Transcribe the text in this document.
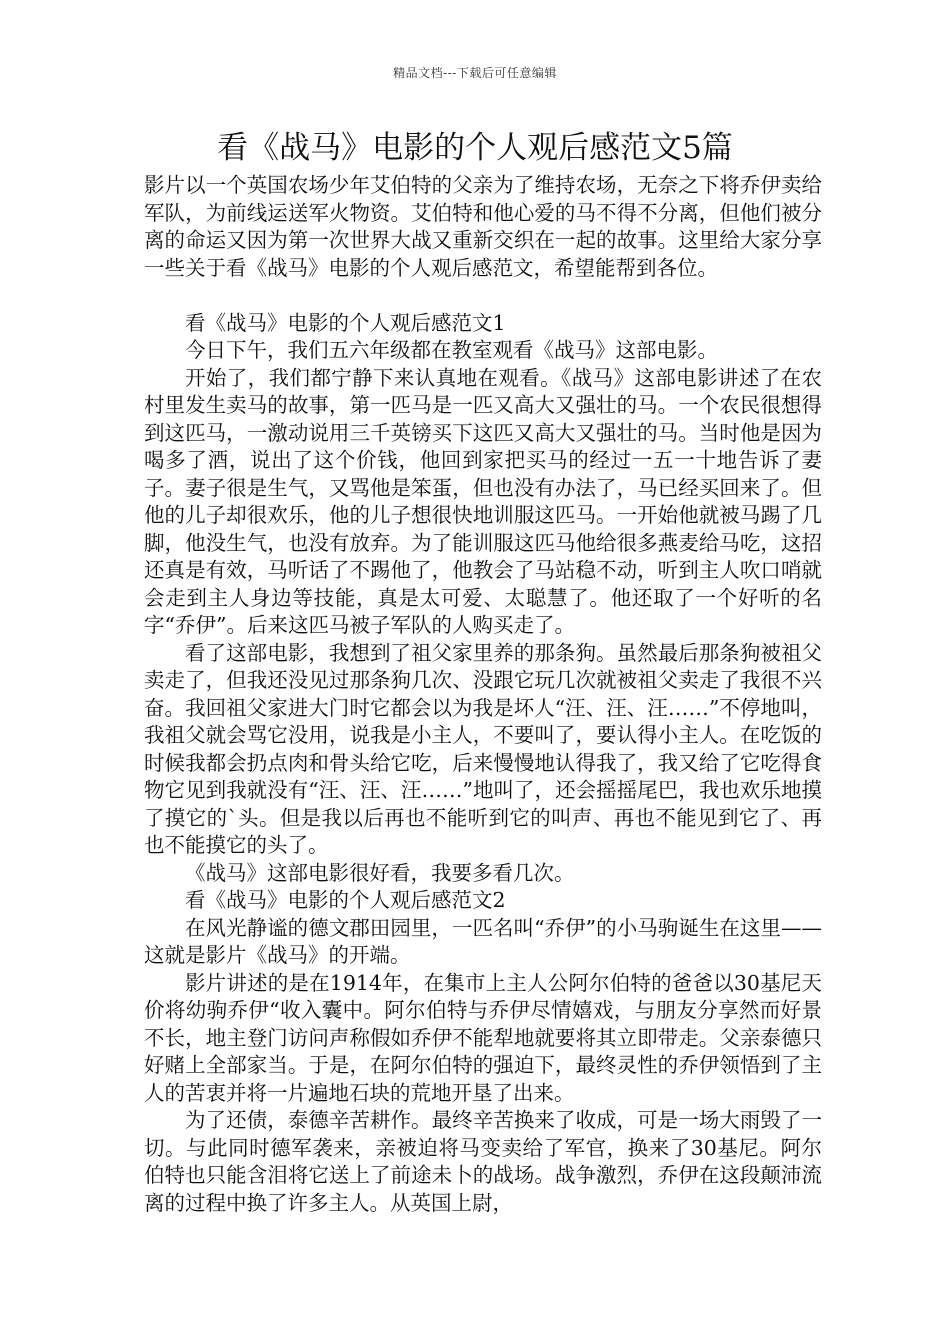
精品文档---下载后可任意编辑
看《战马》电影的个人观后感范文5篇

影片以一个英国农场少年艾伯特的父亲为了维持农场，无奈之下将乔伊卖给军队，为前线运送军火物资。艾伯特和他心爱的马不得不分离，但他们被分离的命运又因为第一次世界大战又重新交织在一起的故事。这里给大家分享一些关于看《战马》电影的个人观后感范文，希望能帮到各位。

看《战马》电影的个人观后感范文1

今日下午，我们五六年级都在教室观看《战马》这部电影。

开始了，我们都宁静下来认真地在观看。《战马》这部电影讲述了在农村里发生卖马的故事，第一匹马是一匹又高大又强壮的马。一个农民很想得到这匹马，一激动说用三千英镑买下这匹又高大又强壮的马。当时他是因为喝多了酒，说出了这个价钱，他回到家把买马的经过一五一十地告诉了妻子。妻子很是生气，又骂他是笨蛋，但也没有办法了，马已经买回来了。但他的儿子却很欢乐，他的儿子想很快地训服这匹马。一开始他就被马踢了几脚，他没生气，也没有放弃。为了能训服这匹马他给很多燕麦给马吃，这招还真是有效，马听话了不踢他了，他教会了马站稳不动，听到主人吹口哨就会走到主人身边等技能，真是太可爱、太聪慧了。他还取了一个好听的名字“乔伊”。后来这匹马被子军队的人购买走了。

看了这部电影，我想到了祖父家里养的那条狗。虽然最后那条狗被祖父卖走了，但我还没见过那条狗几次、没跟它玩几次就被祖父卖走了我很不兴奋。我回祖父家进大门时它都会以为我是坏人“汪、汪、汪……”不停地叫，我祖父就会骂它没用，说我是小主人，不要叫了，要认得小主人。在吃饭的时候我都会扔点肉和骨头给它吃，后来慢慢地认得我了，我又给了它吃得食物它见到我就没有“汪、汪、汪……”地叫了，还会摇摇尾巴，我也欢乐地摸了摸它的`头。但是我以后再也不能听到它的叫声、再也不能见到它了、再也不能摸它的头了。

《战马》这部电影很好看，我要多看几次。

看《战马》电影的个人观后感范文2

在风光静谧的德文郡田园里，一匹名叫“乔伊”的小马驹诞生在这里——这就是影片《战马》的开端。

影片讲述的是在1914年，在集市上主人公阿尔伯特的爸爸以30基尼天价将幼驹乔伊“收入囊中。阿尔伯特与乔伊尽情嬉戏，与朋友分享然而好景不长，地主登门访问声称假如乔伊不能犁地就要将其立即带走。父亲泰德只好赌上全部家当。于是，在阿尔伯特的强迫下，最终灵性的乔伊领悟到了主人的苦衷并将一片遍地石块的荒地开垦了出来。

为了还债，泰德辛苦耕作。最终辛苦换来了收成，可是一场大雨毁了一切。与此同时德军袭来，亲被迫将马变卖给了军官，换来了30基尼。阿尔伯特也只能含泪将它送上了前途未卜的战场。战争激烈，乔伊在这段颠沛流离的过程中换了许多主人。从英国上尉，
